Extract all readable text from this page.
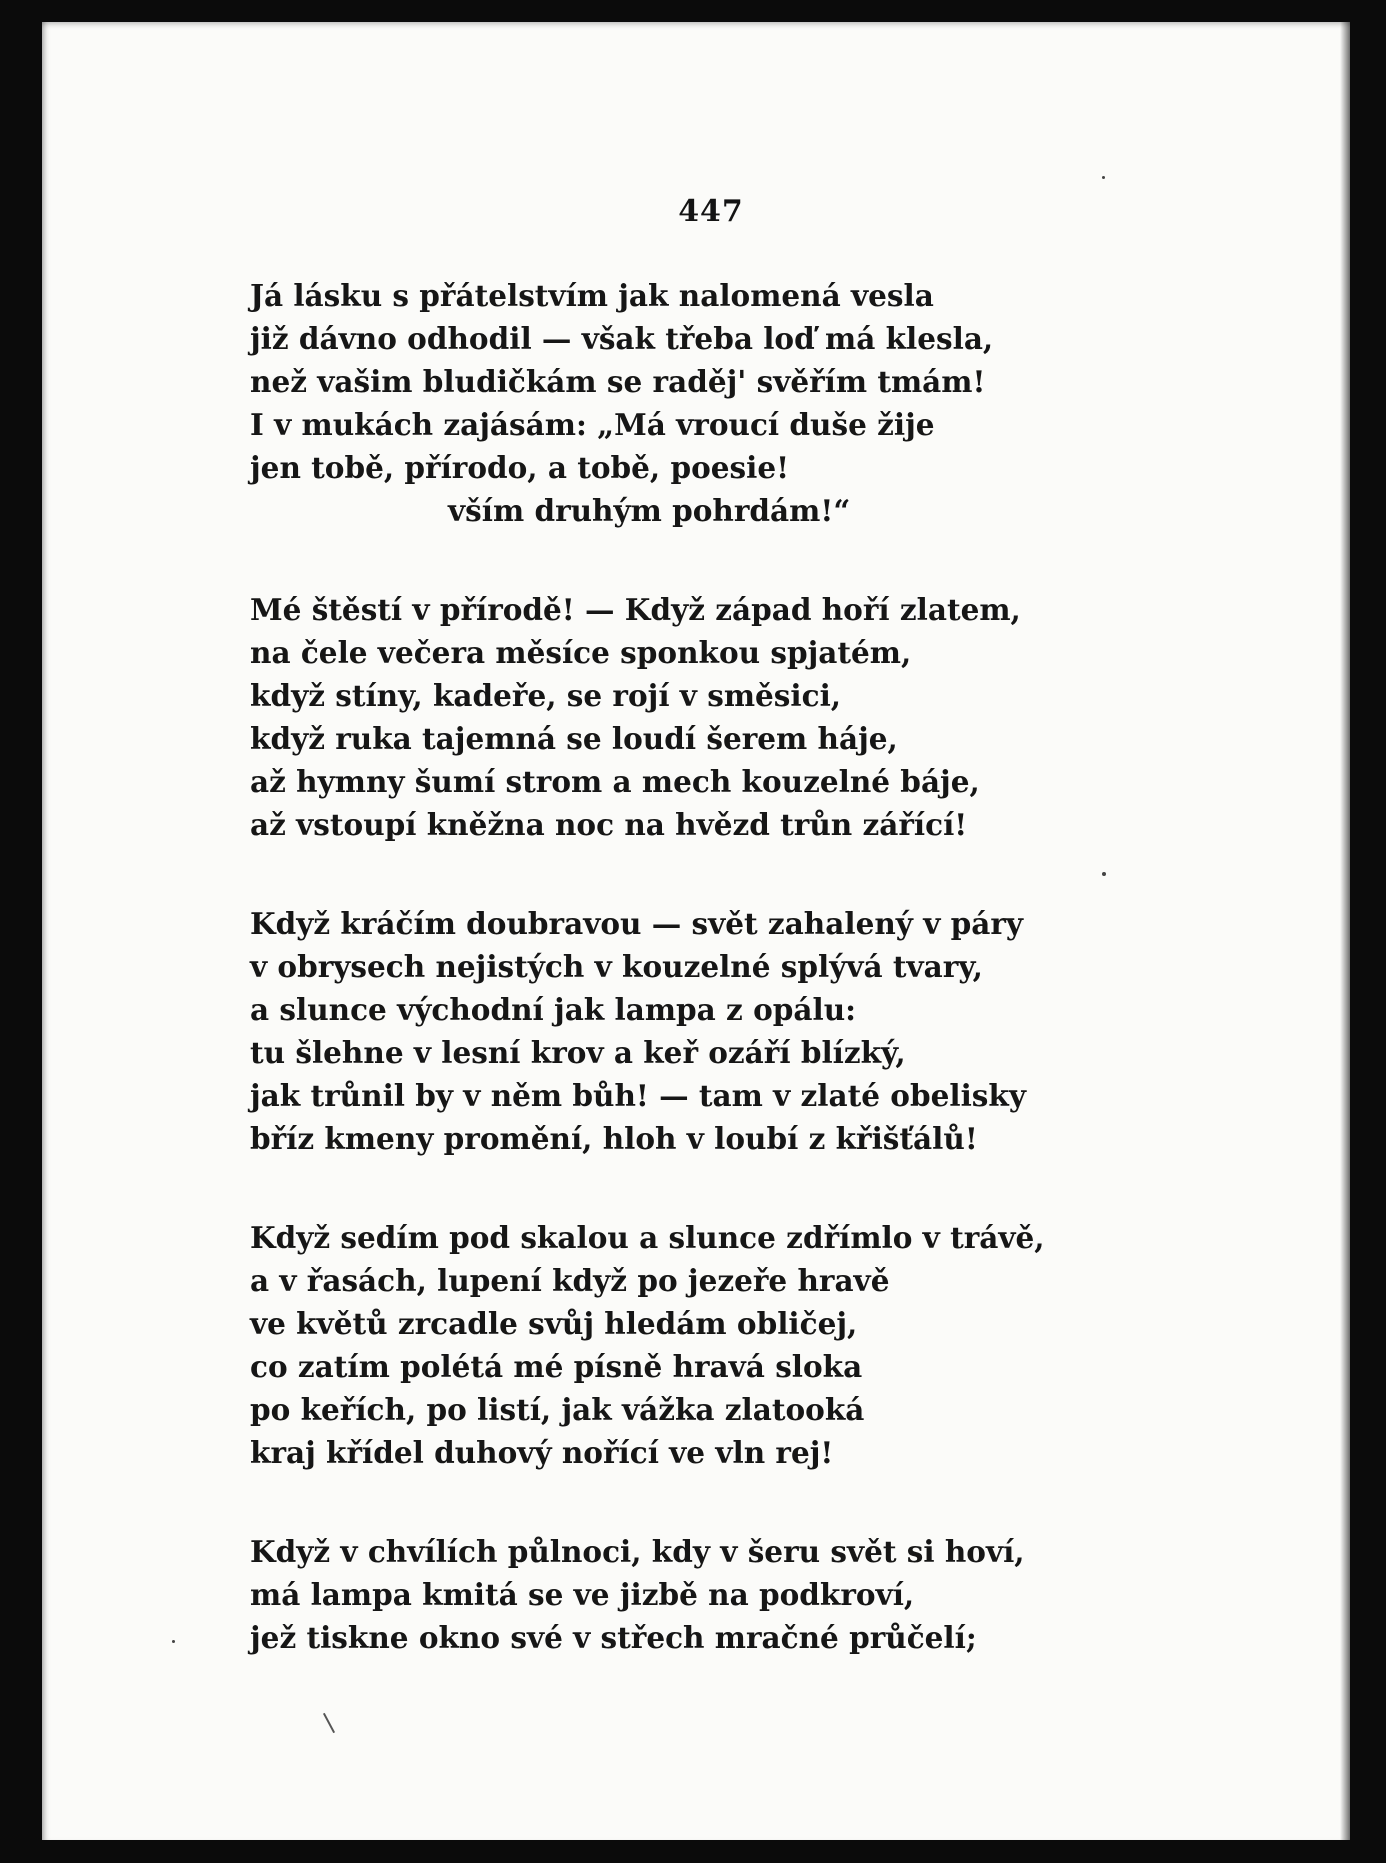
447
Já lásku s přátelstvím jak nalomená vesla
již dávno odhodil — však třeba loď má klesla,
než vašim bludičkám se raděj' svěřím tmám!
I v mukách zajásám: „Má vroucí duše žije
jen tobě, přírodo, a tobě, poesie!
vším druhým pohrdám!“
Mé štěstí v přírodě! — Když západ hoří zlatem,
na čele večera měsíce sponkou spjatém,
když stíny, kadeře, se rojí v směsici,
když ruka tajemná se loudí šerem háje,
až hymny šumí strom a mech kouzelné báje,
až vstoupí kněžna noc na hvězd trůn zářící!
Když kráčím doubravou — svět zahalený v páry
v obrysech nejistých v kouzelné splývá tvary,
a slunce východní jak lampa z opálu:
tu šlehne v lesní krov a keř ozáří blízký,
jak trůnil by v něm bůh! — tam v zlaté obelisky
bříz kmeny promění, hloh v loubí z křišťálů!
Když sedím pod skalou a slunce zdřímlo v trávě,
a v řasách, lupení když po jezeře hravě
ve květů zrcadle svůj hledám obličej,
co zatím polétá mé písně hravá sloka
po keřích, po listí, jak vážka zlatooká
kraj křídel duhový nořící ve vln rej!
Když v chvílích půlnoci, kdy v šeru svět si hoví,
má lampa kmitá se ve jizbě na podkroví,
jež tiskne okno své v střech mračné průčelí;
